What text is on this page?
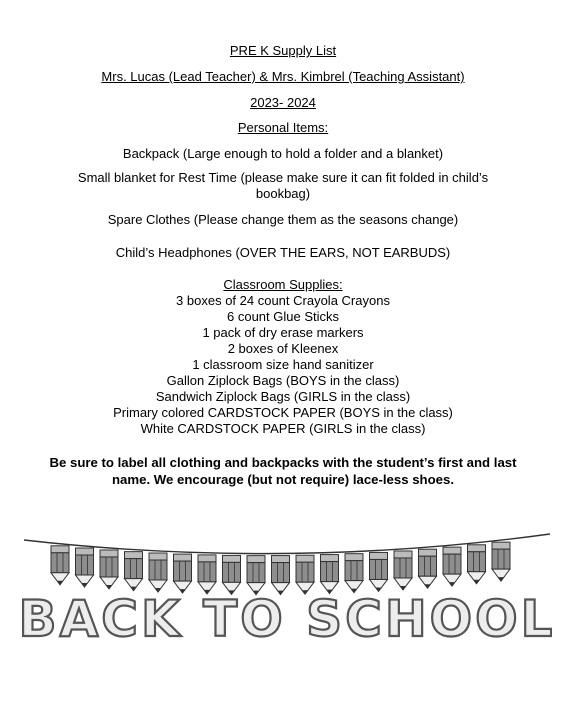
PRE K Supply List
Mrs. Lucas (Lead Teacher) & Mrs. Kimbrel (Teaching Assistant)
2023- 2024
Personal Items:
Backpack (Large enough to hold a folder and a blanket)
Small blanket for Rest Time (please make sure it can fit folded in child’s bookbag)
Spare Clothes (Please change them as the seasons change)
Child’s Headphones (OVER THE EARS, NOT EARBUDS)
Classroom Supplies:
3 boxes of 24 count Crayola Crayons
6 count Glue Sticks
1 pack of dry erase markers
2 boxes of Kleenex
1 classroom size hand sanitizer
Gallon Ziplock Bags (BOYS in the class)
Sandwich Ziplock Bags (GIRLS in the class)
Primary colored CARDSTOCK PAPER (BOYS in the class)
White CARDSTOCK PAPER (GIRLS in the class)
Be sure to label all clothing and backpacks with the student’s first and last name. We encourage (but not require) lace-less shoes.
BACK TO SCHOOL
